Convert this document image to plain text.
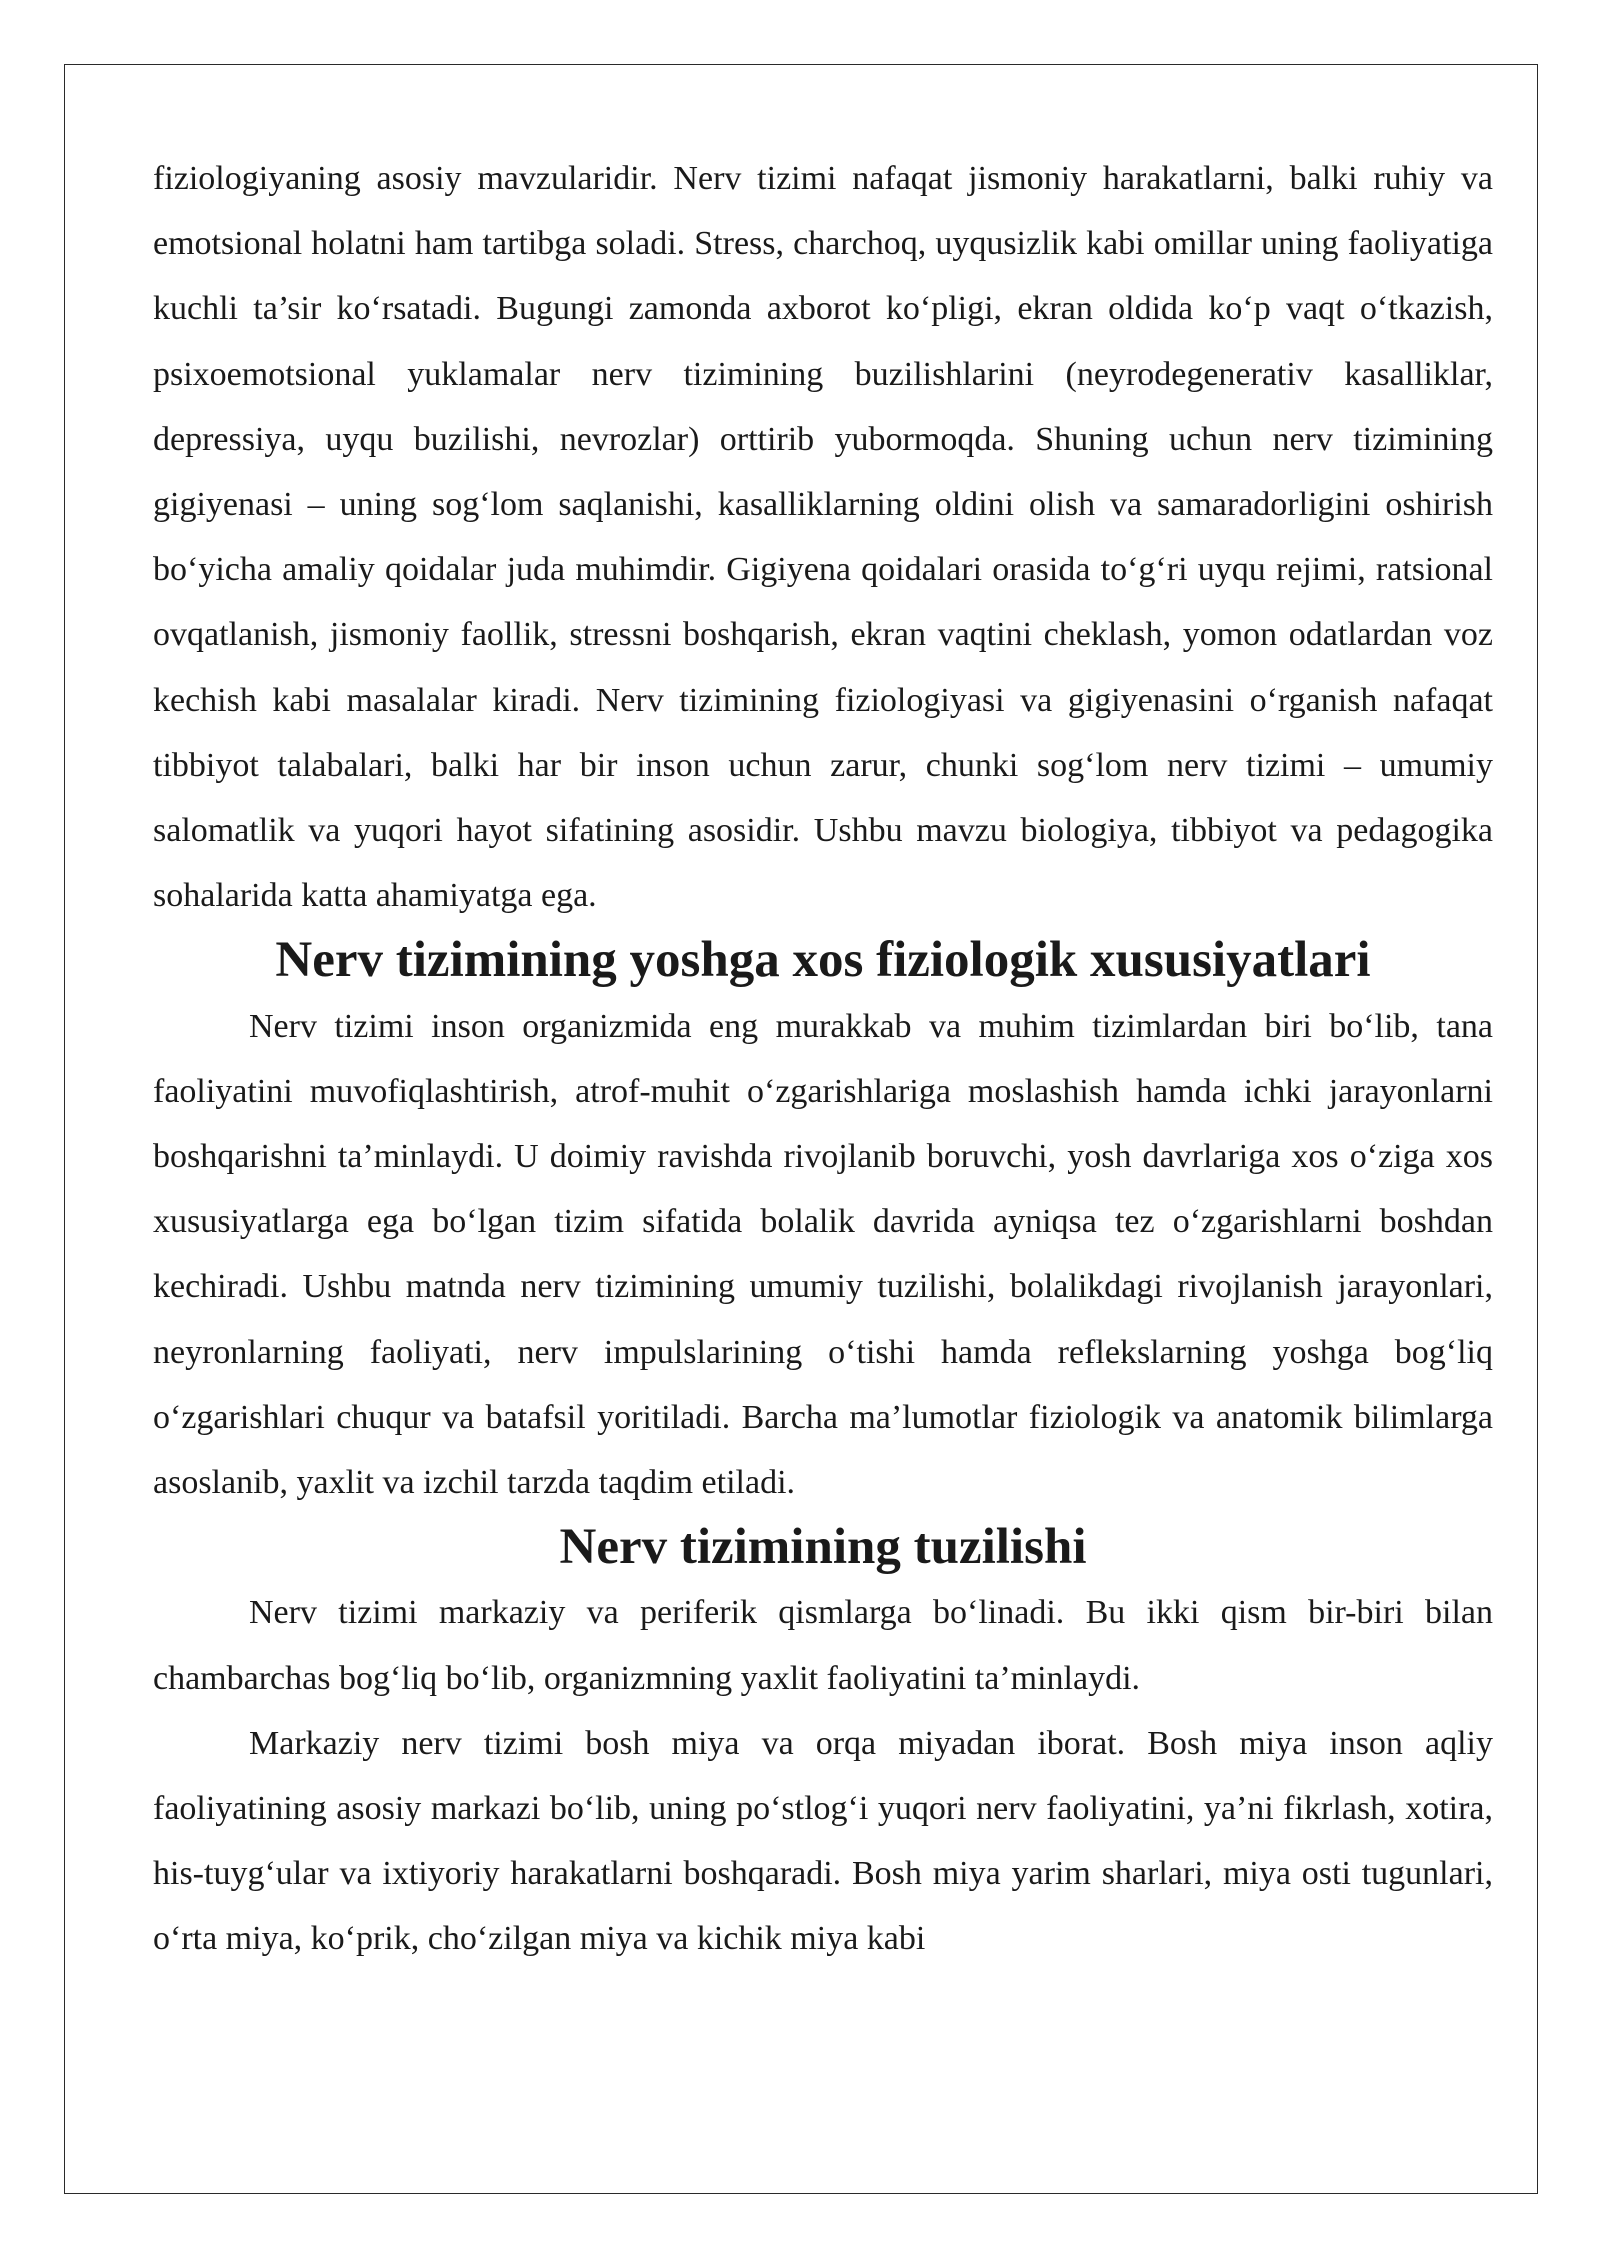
fiziologiyaning asosiy mavzularidir. Nerv tizimi nafaqat jismoniy harakatlarni, balki ruhiy va emotsional holatni ham tartibga soladi. Stress, charchoq, uyqusizlik kabi omillar uning faoliyatiga kuchli ta’sir ko‘rsatadi. Bugungi zamonda axborot ko‘pligi, ekran oldida ko‘p vaqt o‘tkazish, psixoemotsional yuklamalar nerv tizimining buzilishlarini (neyrodegenerativ kasalliklar, depressiya, uyqu buzilishi, nevrozlar) orttirib yubormoqda. Shuning uchun nerv tizimining gigiyenasi – uning sog‘lom saqlanishi, kasalliklarning oldini olish va samaradorligini oshirish bo‘yicha amaliy qoidalar juda muhimdir. Gigiyena qoidalari orasida to‘g‘ri uyqu rejimi, ratsional ovqatlanish, jismoniy faollik, stressni boshqarish, ekran vaqtini cheklash, yomon odatlardan voz kechish kabi masalalar kiradi. Nerv tizimining fiziologiyasi va gigiyenasini o‘rganish nafaqat tibbiyot talabalari, balki har bir inson uchun zarur, chunki sog‘lom nerv tizimi – umumiy salomatlik va yuqori hayot sifatining asosidir. Ushbu mavzu biologiya, tibbiyot va pedagogika sohalarida katta ahamiyatga ega.

Nerv tizimining yoshga xos fiziologik xususiyatlari

Nerv tizimi inson organizmida eng murakkab va muhim tizimlardan biri bo‘lib, tana faoliyatini muvofiqlashtirish, atrof-muhit o‘zgarishlariga moslashish hamda ichki jarayonlarni boshqarishni ta’minlaydi. U doimiy ravishda rivojlanib boruvchi, yosh davrlariga xos o‘ziga xos xususiyatlarga ega bo‘lgan tizim sifatida bolalik davrida ayniqsa tez o‘zgarishlarni boshdan kechiradi. Ushbu matnda nerv tizimining umumiy tuzilishi, bolalikdagi rivojlanish jarayonlari, neyronlarning faoliyati, nerv impulslarining o‘tishi hamda reflekslarning yoshga bog‘liq o‘zgarishlari chuqur va batafsil yoritiladi. Barcha ma’lumotlar fiziologik va anatomik bilimlarga asoslanib, yaxlit va izchil tarzda taqdim etiladi.

Nerv tizimining tuzilishi

Nerv tizimi markaziy va periferik qismlarga bo‘linadi. Bu ikki qism bir-biri bilan chambarchas bog‘liq bo‘lib, organizmning yaxlit faoliyatini ta’minlaydi.

Markaziy nerv tizimi bosh miya va orqa miyadan iborat. Bosh miya inson aqliy faoliyatining asosiy markazi bo‘lib, uning po‘stlog‘i yuqori nerv faoliyatini, ya’ni fikrlash, xotira, his-tuyg‘ular va ixtiyoriy harakatlarni boshqaradi. Bosh miya yarim sharlari, miya osti tugunlari, o‘rta miya, ko‘prik, cho‘zilgan miya va kichik miya kabi
